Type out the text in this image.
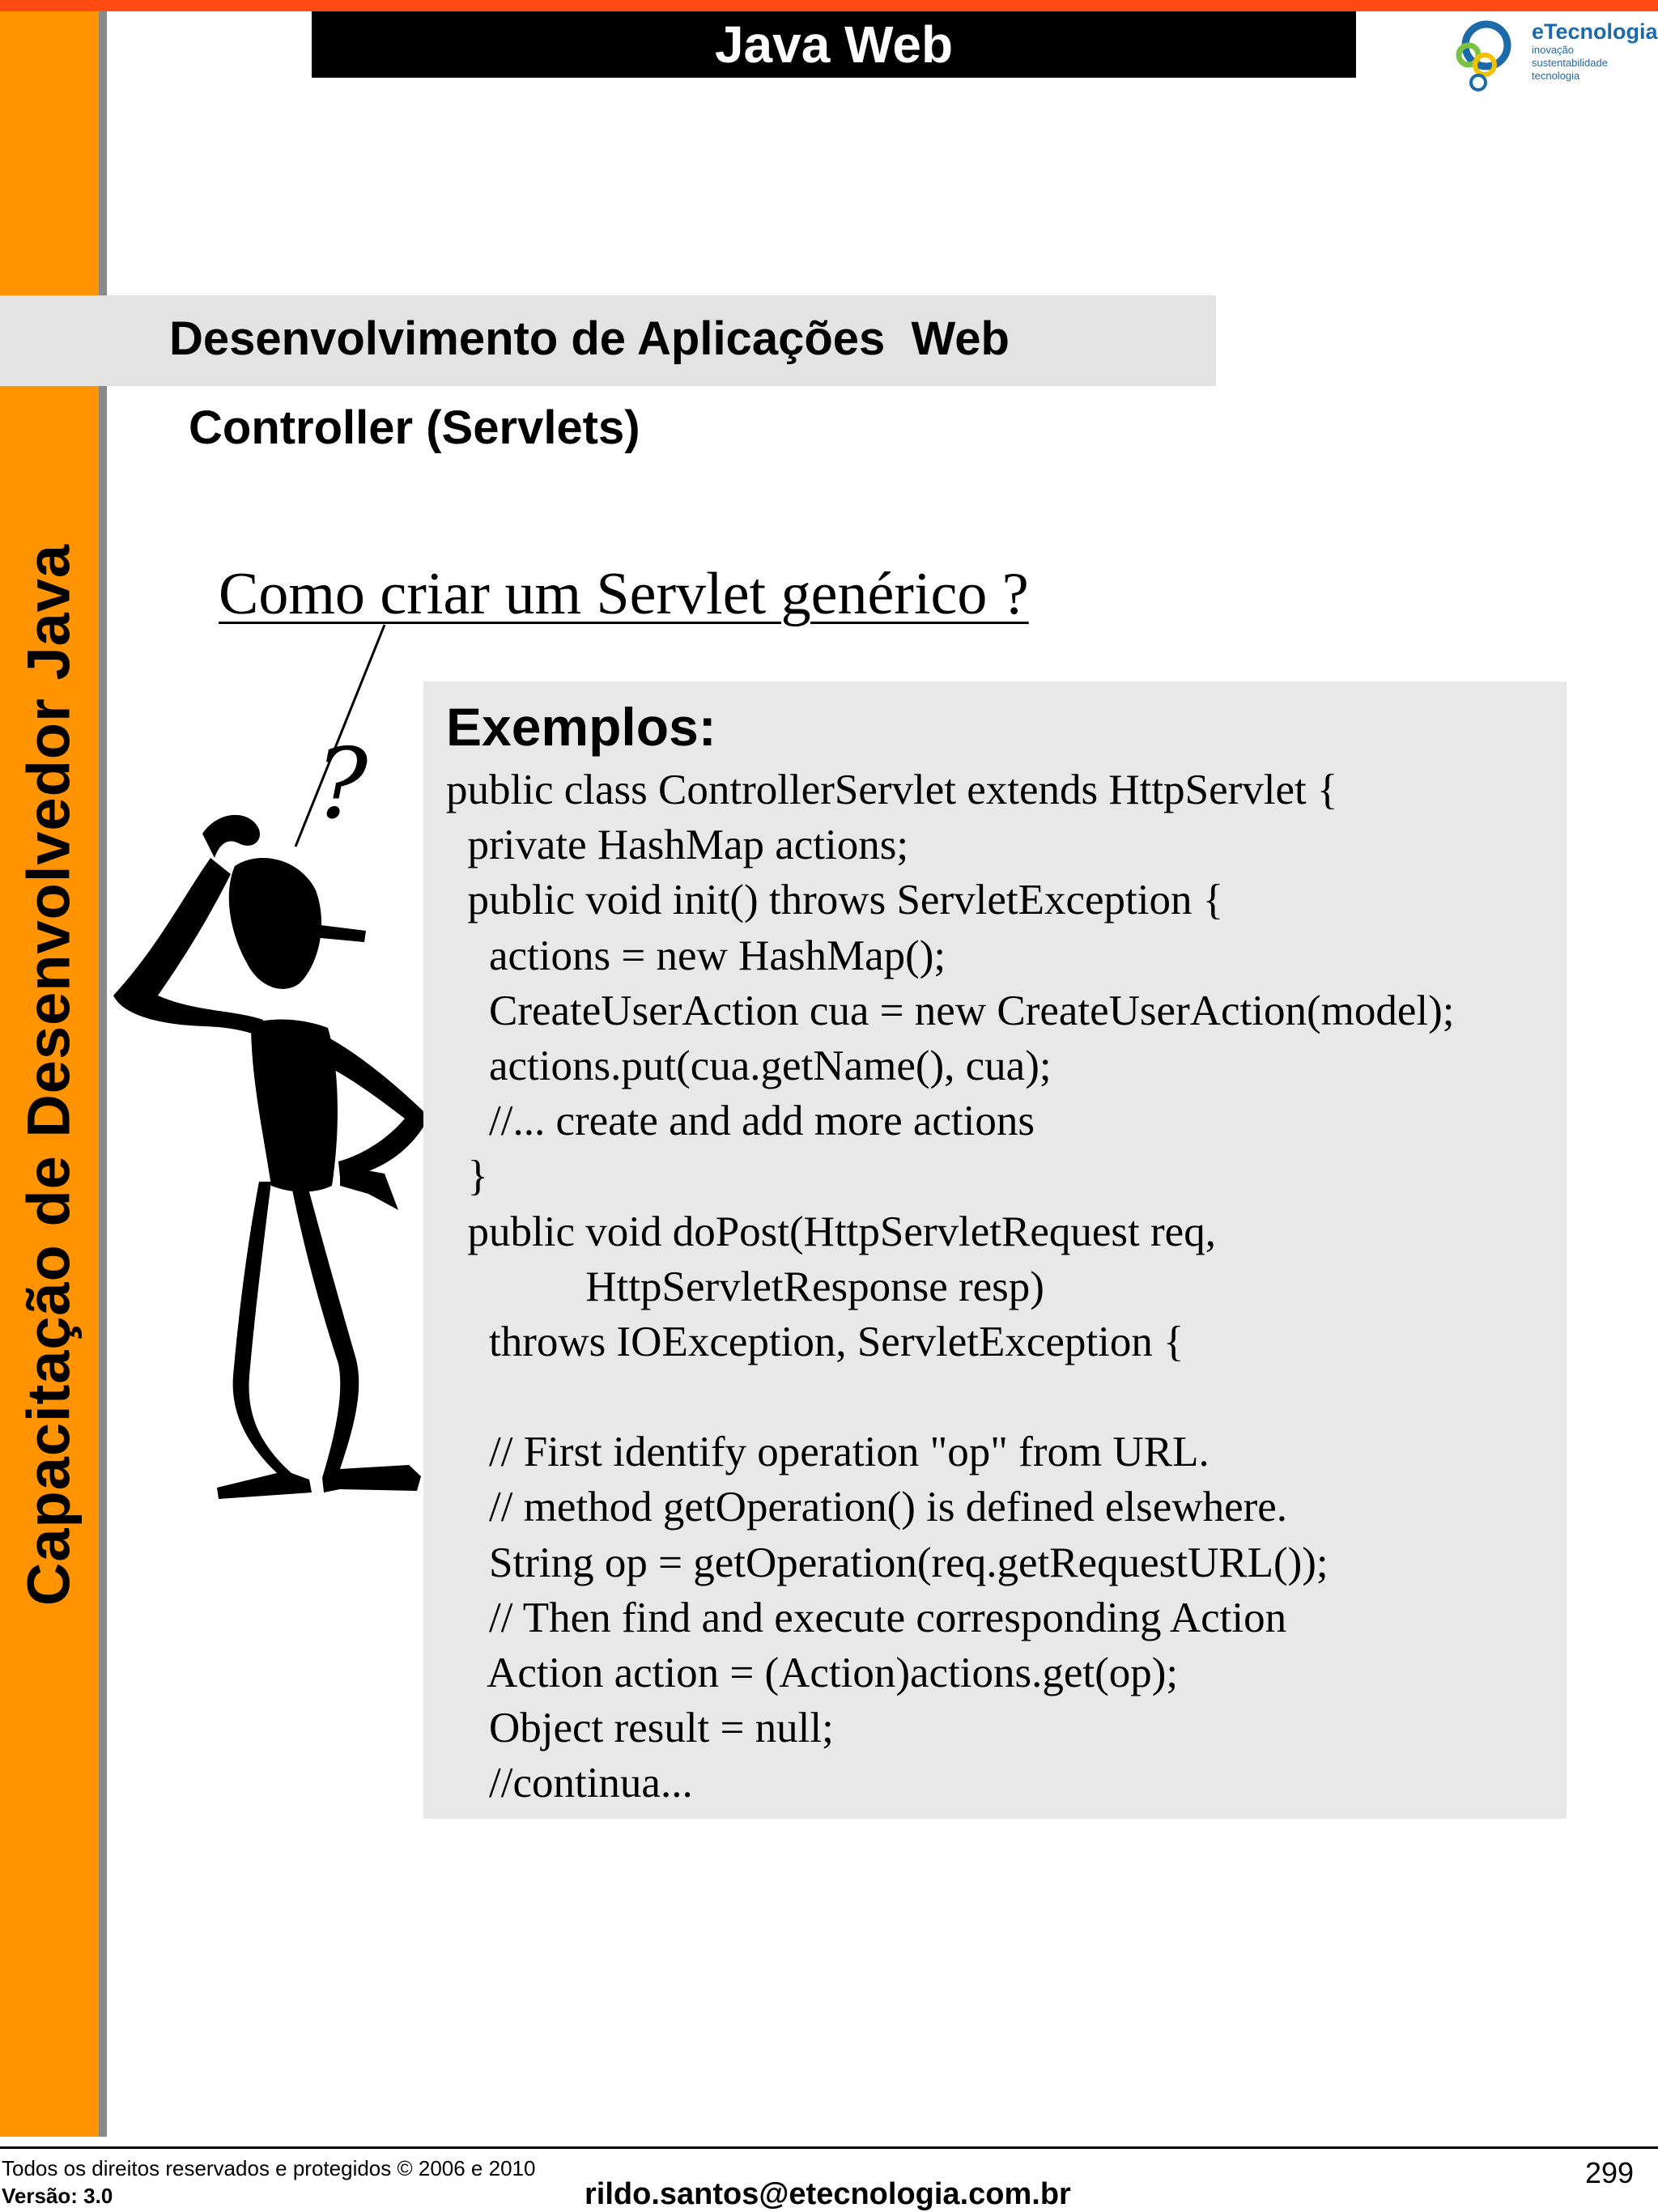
Capacitação de Desenvolvedor Java
Java Web	eTecnologia
inovação
sustentabilidade
tecnologia
Desenvolvimento de Aplicações  Web
Controller (Servlets)
Como criar um Servlet genérico ?
?
Exemplos:
public class ControllerServlet extends HttpServlet {
private HashMap actions;
public void init() throws ServletException {
actions = new HashMap();
CreateUserAction cua = new CreateUserAction(model);
actions.put(cua.getName(), cua);
//... create and add more actions
}
public void doPost(HttpServletRequest req,
HttpServletResponse resp)
throws IOException, ServletException {
// First identify operation "op" from URL.
// method getOperation() is defined elsewhere.
String op = getOperation(req.getRequestURL());
// Then find and execute corresponding Action
Action action = (Action)actions.get(op);
Object result = null;
//continua...
Todos os direitos reservados e protegidos © 2006 e 2010
Versão: 3.0	rildo.santos@etecnologia.com.br
299
